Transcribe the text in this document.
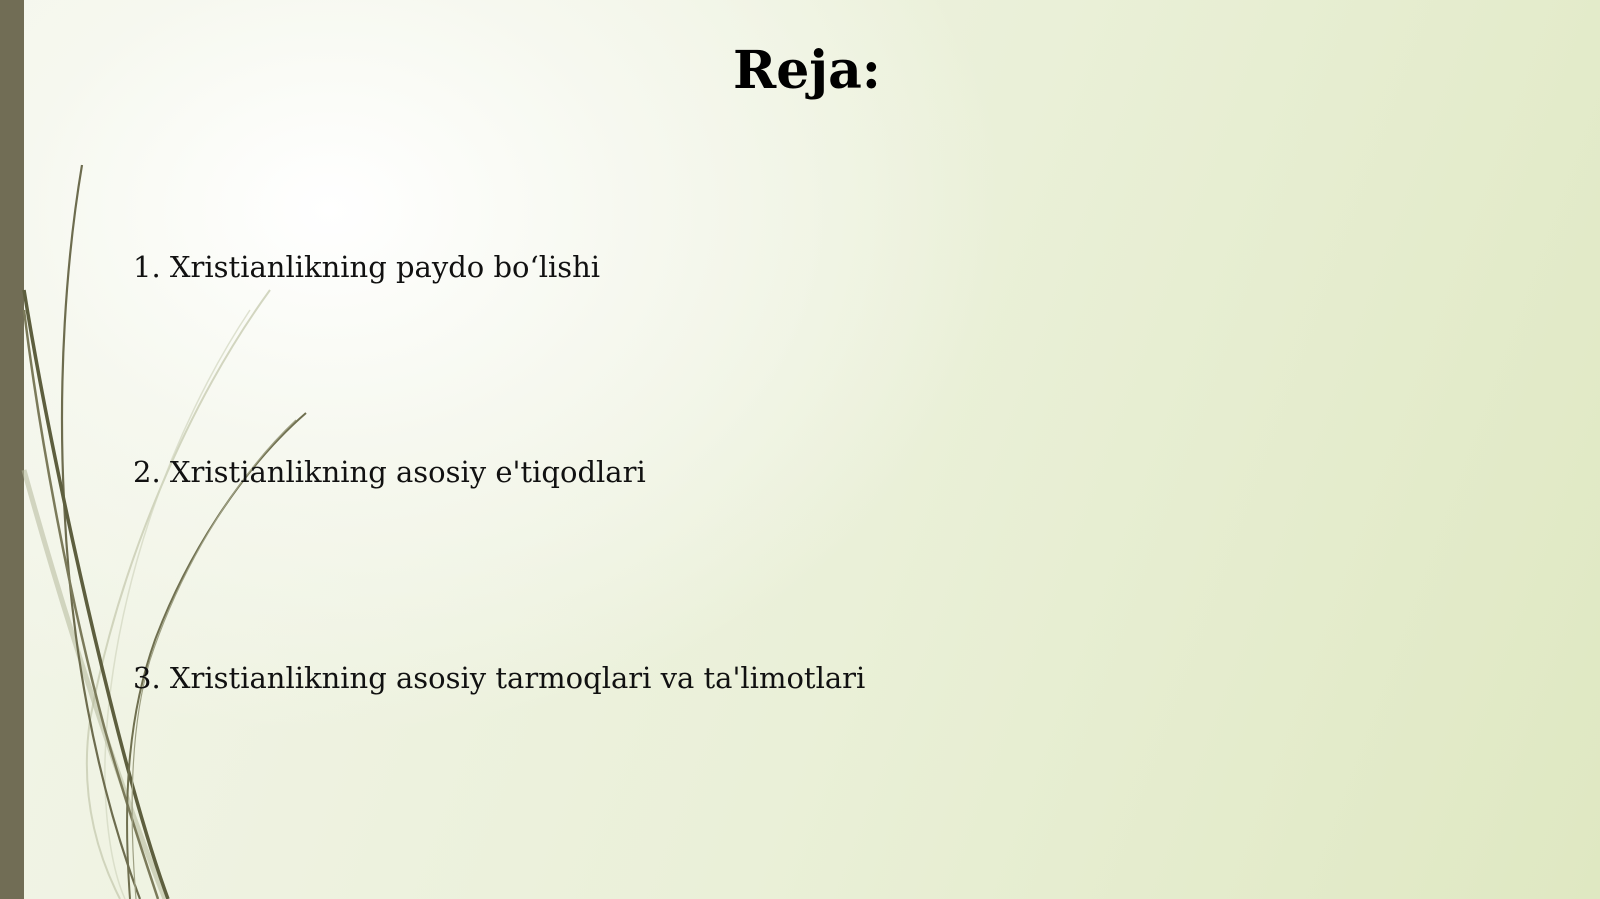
Reja:
1. Xristianlikning paydo bo‘lishi
2. Xristianlikning asosiy e'tiqodlari
3. Xristianlikning asosiy tarmoqlari va ta'limotlari
